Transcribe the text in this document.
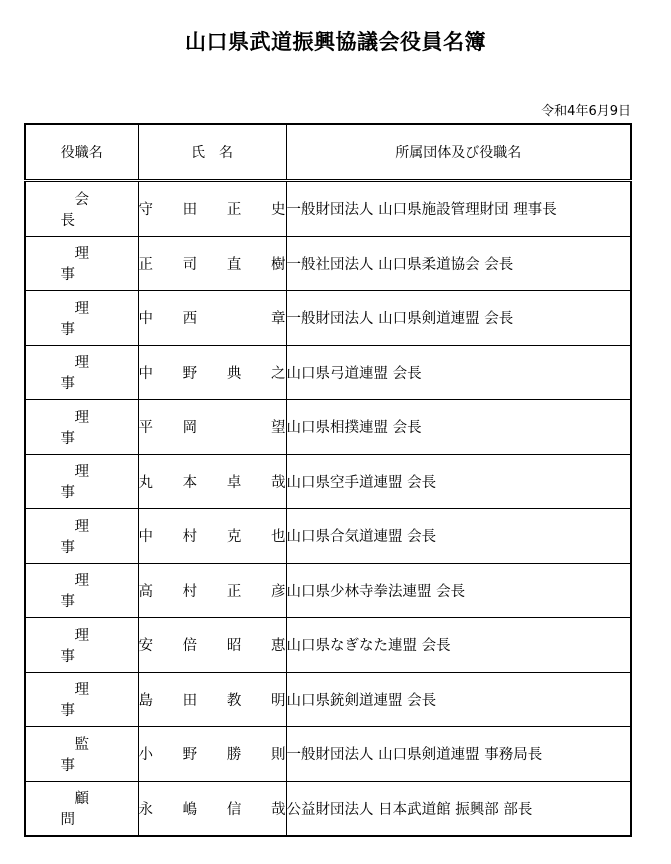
山口県武道振興協議会役員名簿
令和4年6月9日
役職名	氏　名	所属団体及び役職名
会長	守田正史	一般財団法人 山口県施設管理財団 理事長
理事	正司直樹	一般社団法人 山口県柔道協会 会長
理事	中西　章	一般財団法人 山口県剣道連盟 会長
理事	中野典之	山口県弓道連盟 会長
理事	平岡　望	山口県相撲連盟 会長
理事	丸本卓哉	山口県空手道連盟 会長
理事	中村克也	山口県合気道連盟 会長
理事	高村正彦	山口県少林寺拳法連盟 会長
理事	安倍昭恵	山口県なぎなた連盟 会長
理事	島田教明	山口県銃剣道連盟 会長
監事	小野勝則	一般財団法人 山口県剣道連盟 事務局長
顧問	永嶋信哉	公益財団法人 日本武道館 振興部 部長
